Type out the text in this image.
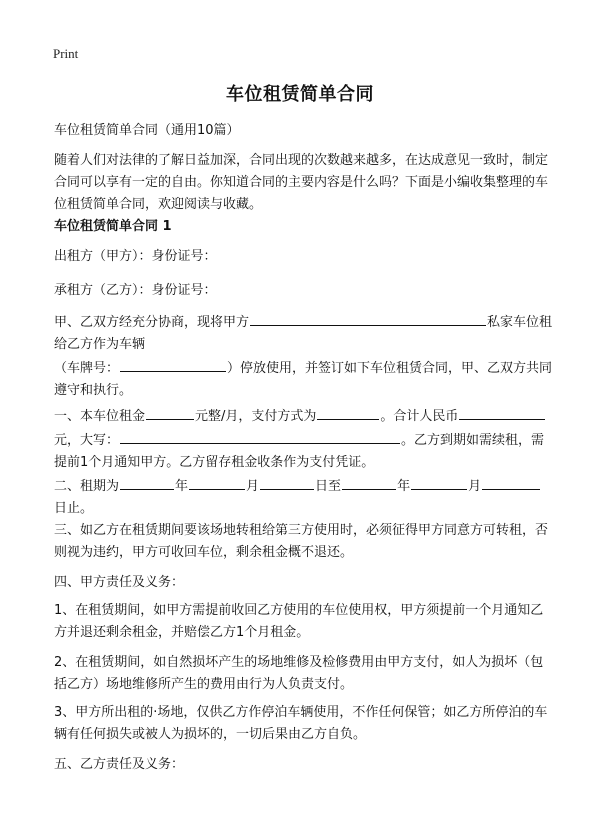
Print
车位租赁简单合同

车位租赁简单合同（通用10篇）

随着人们对法律的了解日益加深，合同出现的次数越来越多，在达成意见一致时，制定合同可以享有一定的自由。你知道合同的主要内容是什么吗？下面是小编收集整理的车位租赁简单合同，欢迎阅读与收藏。

车位租赁简单合同 1

出租方（甲方）：身份证号：

承租方（乙方）：身份证号：

甲、乙双方经充分协商，现将甲方	私家车位租给乙方作为车辆

（车牌号：	）停放使用，并签订如下车位租赁合同，甲、乙双方共同遵守和执行。

一、本车位租金	元整/月，支付方式为	。合计人民币元，大写：	。乙方到期如需续租，需提前1个月通知甲方。乙方留存租金收条作为支付凭证。

二、租期为	年	月	日至	年	月日止。

三、如乙方在租赁期间要该场地转租给第三方使用时，必须征得甲方同意方可转租，否则视为违约，甲方可收回车位，剩余租金概不退还。

四、甲方责任及义务：

1、在租赁期间，如甲方需提前收回乙方使用的车位使用权，甲方须提前一个月通知乙方并退还剩余租金，并赔偿乙方1个月租金。

2、在租赁期间，如自然损坏产生的场地维修及检修费用由甲方支付，如人为损坏（包括乙方）场地维修所产生的费用由行为人负责支付。

3、甲方所出租的·场地，仅供乙方作停泊车辆使用，不作任何保管；如乙方所停泊的车辆有任何损失或被人为损坏的，一切后果由乙方自负。

五、乙方责任及义务：
